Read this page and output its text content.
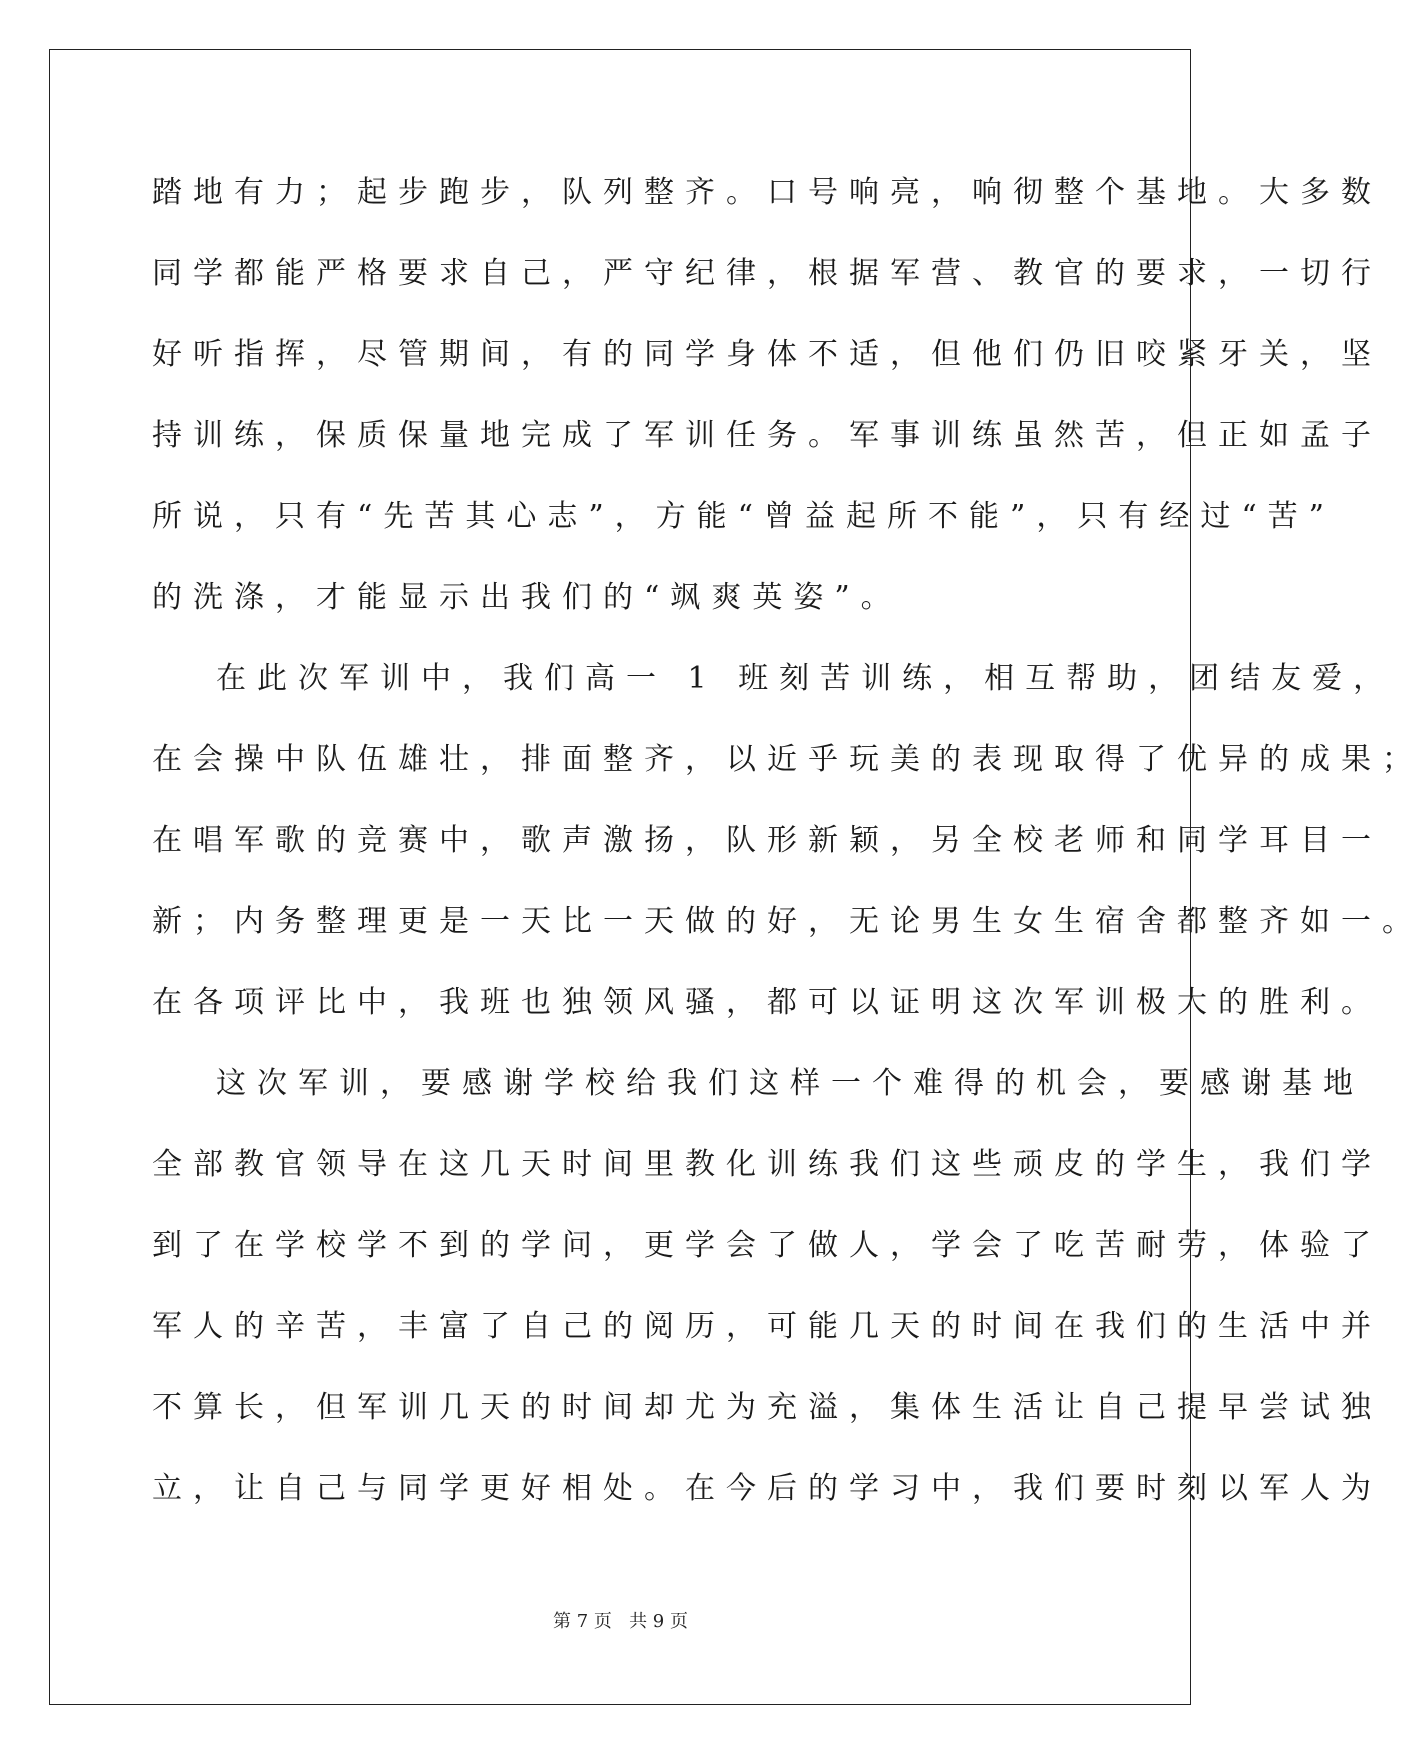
踏地有力；起步跑步，队列整齐。口号响亮，响彻整个基地。大多数
同学都能严格要求自己，严守纪律，根据军营、教官的要求，一切行
好听指挥，尽管期间，有的同学身体不适，但他们仍旧咬紧牙关，坚
持训练，保质保量地完成了军训任务。军事训练虽然苦，但正如孟子
所说，只有“先苦其心志”，方能“曾益起所不能”，只有经过“苦”
的洗涤，才能显示出我们的“飒爽英姿”。
在此次军训中，我们高一 1 班刻苦训练，相互帮助，团结友爱，
在会操中队伍雄壮，排面整齐，以近乎玩美的表现取得了优异的成果；
在唱军歌的竞赛中，歌声激扬，队形新颖，另全校老师和同学耳目一
新；内务整理更是一天比一天做的好，无论男生女生宿舍都整齐如一。
在各项评比中，我班也独领风骚，都可以证明这次军训极大的胜利。
这次军训，要感谢学校给我们这样一个难得的机会，要感谢基地
全部教官领导在这几天时间里教化训练我们这些顽皮的学生，我们学
到了在学校学不到的学问，更学会了做人，学会了吃苦耐劳，体验了
军人的辛苦，丰富了自己的阅历，可能几天的时间在我们的生活中并
不算长，但军训几天的时间却尤为充溢，集体生活让自己提早尝试独
立，让自己与同学更好相处。在今后的学习中，我们要时刻以军人为
第 7 页   共 9 页
